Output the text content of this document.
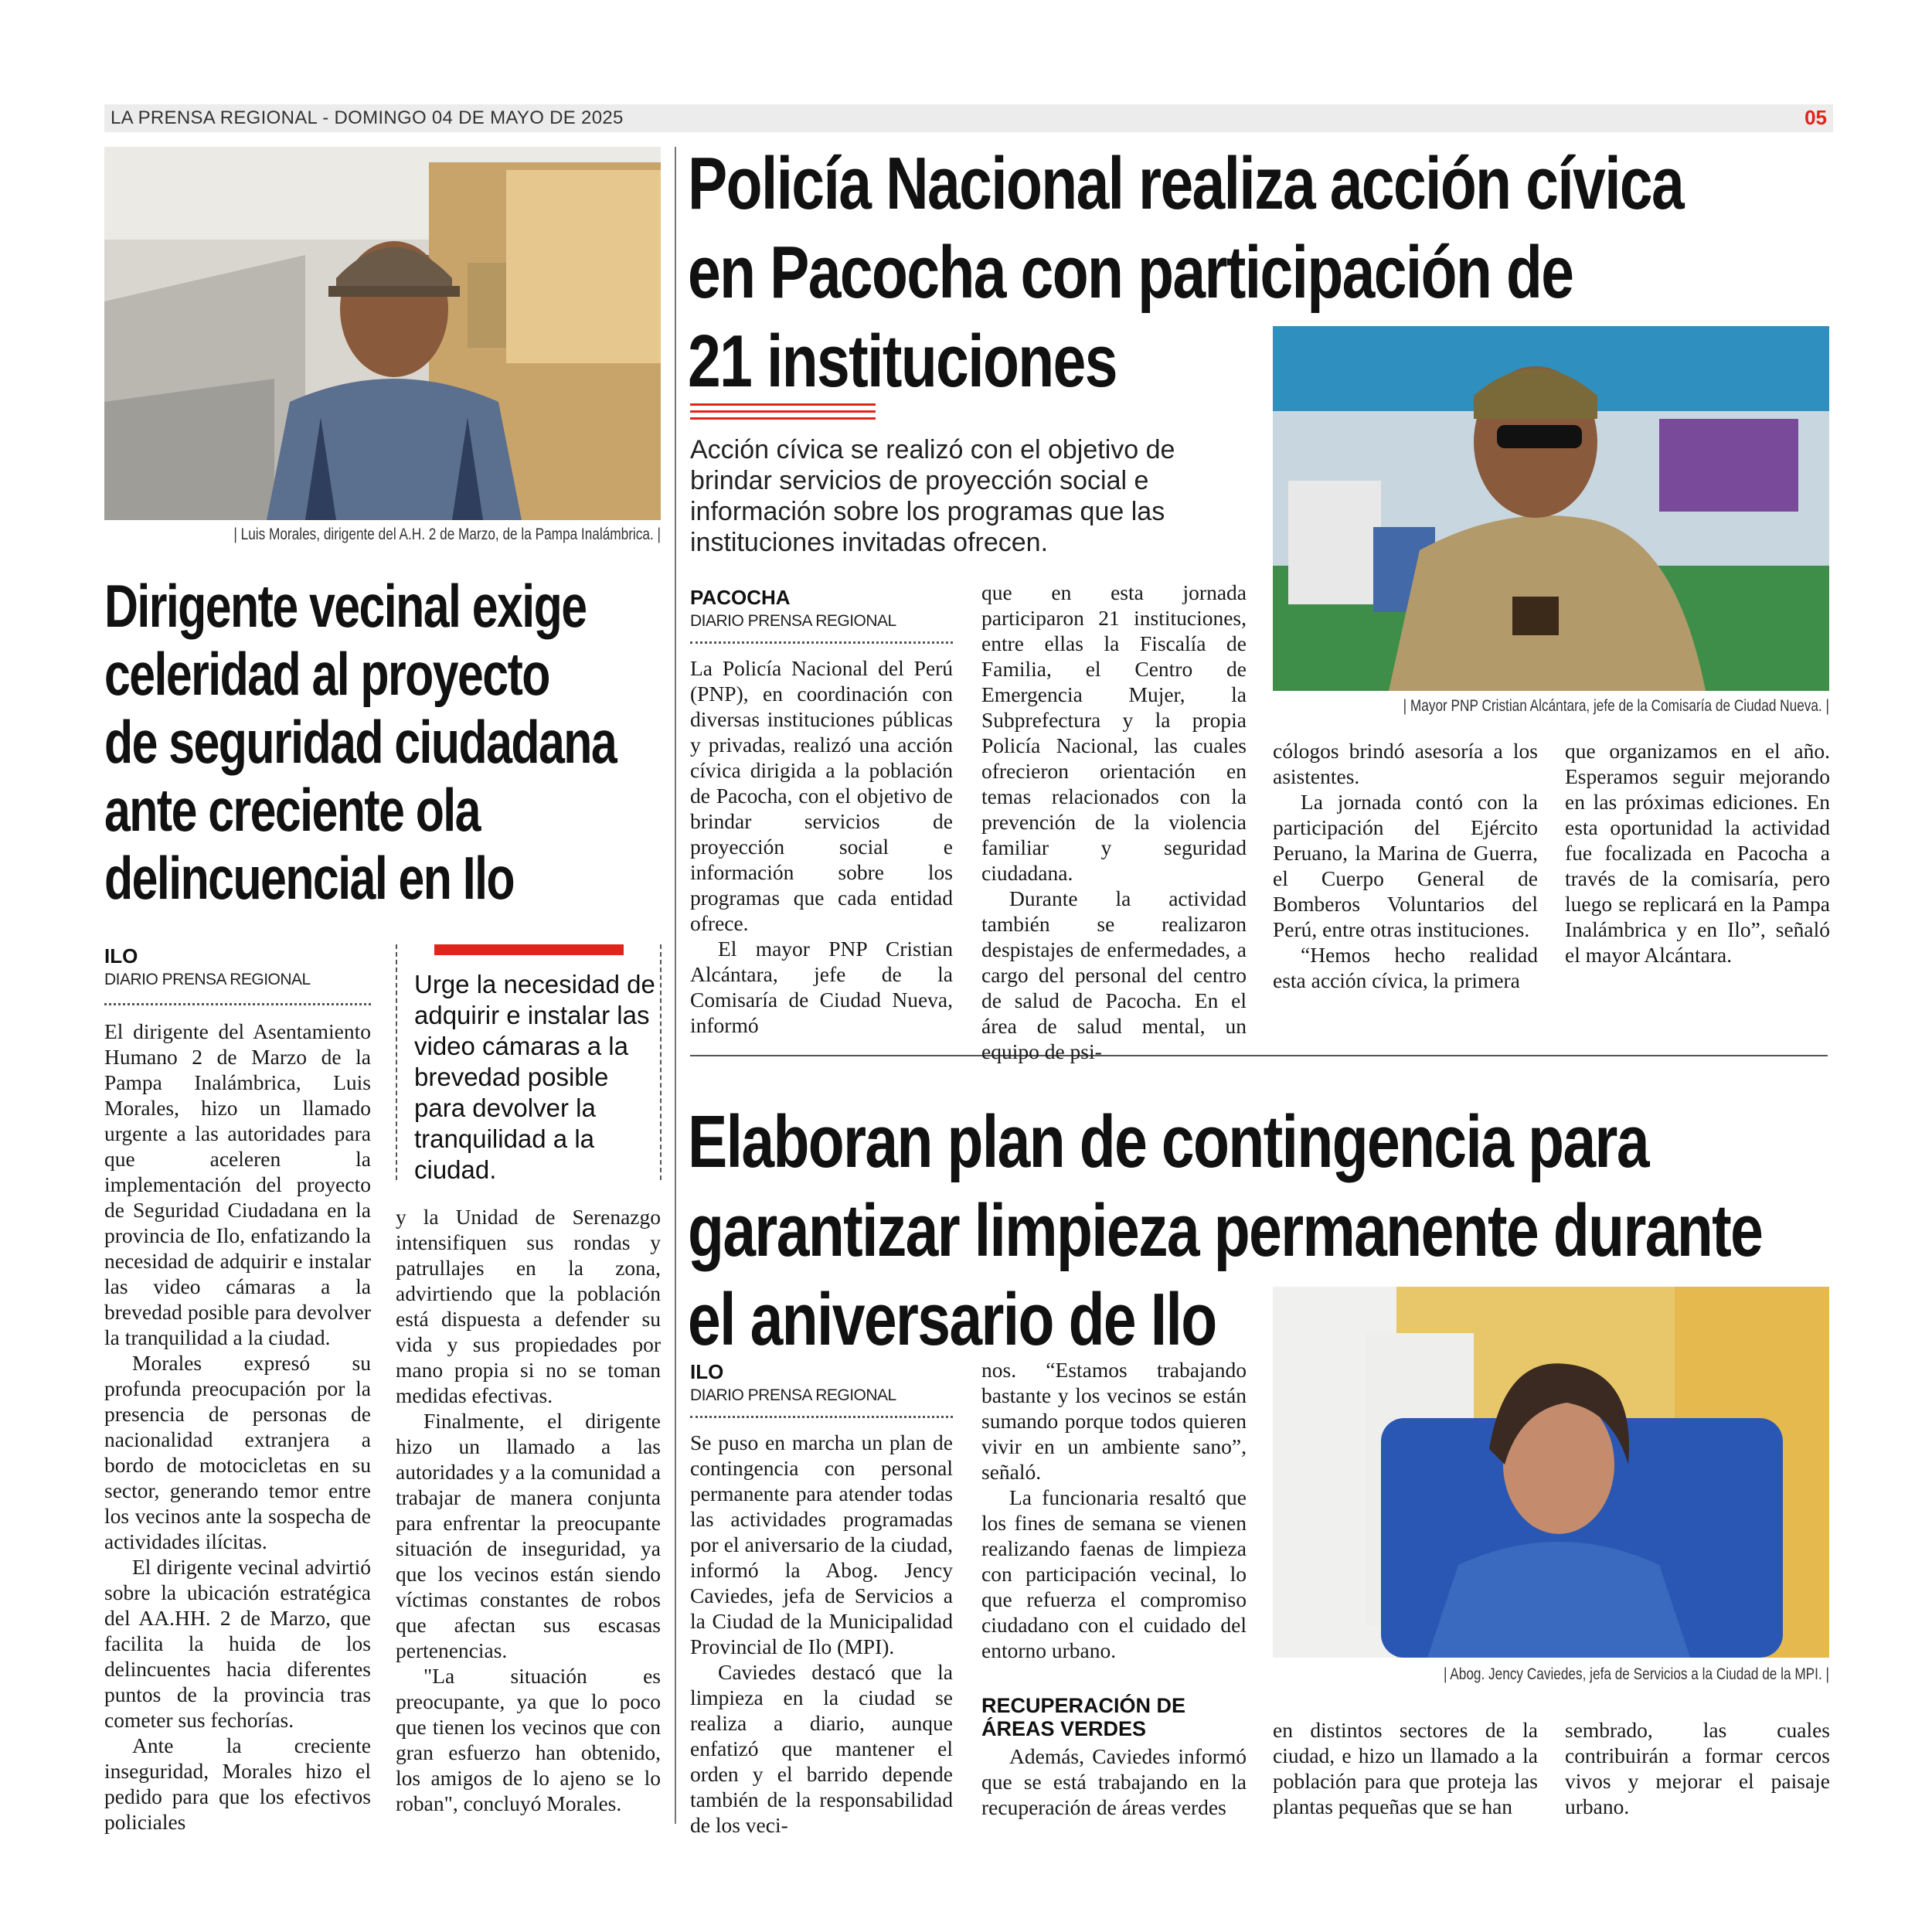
LA PRENSA REGIONAL - DOMINGO 04 DE MAYO DE 2025	05
| Luis Morales, dirigente del A.H. 2 de Marzo, de la Pampa Inalámbrica. |
Dirigente vecinal exige
celeridad al proyecto
de seguridad ciudadana
ante creciente ola
delincuencial en Ilo
ILO
DIARIO PRENSA REGIONAL

El dirigente del Asentamiento Humano 2 de Marzo de la Pampa Inalámbrica, Luis Morales, hizo un llamado urgente a las autoridades para que aceleren la implementación del proyecto de Seguridad Ciudadana en la provincia de Ilo, enfatizando la necesidad de adquirir e instalar las video cámaras a la brevedad posible para devolver la tranquilidad a la ciudad.

Morales expresó su profunda preocupación por la presencia de personas de nacionalidad extranjera a bordo de motocicletas en su sector, generando temor entre los vecinos ante la sospecha de actividades ilícitas.

El dirigente vecinal advirtió sobre la ubicación estratégica del AA.HH. 2 de Marzo, que facilita la huida de los delincuentes hacia diferentes puntos de la provincia tras cometer sus fechorías.

Ante la creciente inseguridad, Morales hizo el pedido para que los efectivos policiales

Urge la necesidad de adquirir e instalar las video cámaras a la brevedad posible para devolver la tranquilidad a la ciudad.

y la Unidad de Serenazgo intensifiquen sus rondas y patrullajes en la zona, advirtiendo que la población está dispuesta a defender su vida y sus propiedades por mano propia si no se toman medidas efectivas.

Finalmente, el dirigente hizo un llamado a las autoridades y a la comunidad a trabajar de manera conjunta para enfrentar la preocupante situación de inseguridad, ya que los vecinos están siendo víctimas constantes de robos que afectan sus escasas pertenencias.

"La situación es preocupante, ya que lo poco que tienen los vecinos que con gran esfuerzo han obtenido, los amigos de lo ajeno se lo roban", concluyó Morales.

Policía Nacional realiza acción cívica
en Pacocha con participación de
21 instituciones
Acción cívica se realizó con el objetivo de brindar servicios de proyección social e información sobre los programas que las instituciones invitadas ofrecen.
| Mayor PNP Cristian Alcántara, jefe de la Comisaría de Ciudad Nueva. |
PACOCHA
DIARIO PRENSA REGIONAL

La Policía Nacional del Perú (PNP), en coordinación con diversas instituciones públicas y privadas, realizó una acción cívica dirigida a la población de Pacocha, con el objetivo de brindar servicios de proyección social e información sobre los programas que cada entidad ofrece.

El mayor PNP Cristian Alcántara, jefe de la Comisaría de Ciudad Nueva, informó

que en esta jornada participaron 21 instituciones, entre ellas la Fiscalía de Familia, el Centro de Emergencia Mujer, la Subprefectura y la propia Policía Nacional, las cuales ofrecieron orientación en temas relacionados con la prevención de la violencia familiar y seguridad ciudadana.

Durante la actividad también se realizaron despistajes de enfermedades, a cargo del personal del centro de salud de Pacocha. En el área de salud mental, un equipo de psi-

cólogos brindó asesoría a los asistentes.

La jornada contó con la participación del Ejército Peruano, la Marina de Guerra, el Cuerpo General de Bomberos Voluntarios del Perú, entre otras instituciones.

“Hemos hecho realidad esta acción cívica, la primera

que organizamos en el año. Esperamos seguir mejorando en las próximas ediciones. En esta oportunidad la actividad fue focalizada en Pacocha a través de la comisaría, pero luego se replicará en la Pampa Inalámbrica y en Ilo”, señaló el mayor Alcántara.

Elaboran plan de contingencia para
garantizar limpieza permanente durante
el aniversario de Ilo
| Abog. Jency Caviedes, jefa de Servicios a la Ciudad de la MPI. |
ILO
DIARIO PRENSA REGIONAL

Se puso en marcha un plan de contingencia con personal permanente para atender todas las actividades programadas por el aniversario de la ciudad, informó la Abog. Jency Caviedes, jefa de Servicios a la Ciudad de la Municipalidad Provincial de Ilo (MPI).

Caviedes destacó que la limpieza en la ciudad se realiza a diario, aunque enfatizó que mantener el orden y el barrido depende también de la responsabilidad de los veci-

nos. “Estamos trabajando bastante y los vecinos se están sumando porque todos quieren vivir en un ambiente sano”, señaló.

La funcionaria resaltó que los fines de semana se vienen realizando faenas de limpieza con participación vecinal, lo que refuerza el compromiso ciudadano con el cuidado del entorno urbano.

RECUPERACIÓN DE ÁREAS VERDES

Además, Caviedes informó que se está trabajando en la recuperación de áreas verdes

en distintos sectores de la ciudad, e hizo un llamado a la población para que proteja las plantas pequeñas que se han

sembrado, las cuales contribuirán a formar cercos vivos y mejorar el paisaje urbano.
